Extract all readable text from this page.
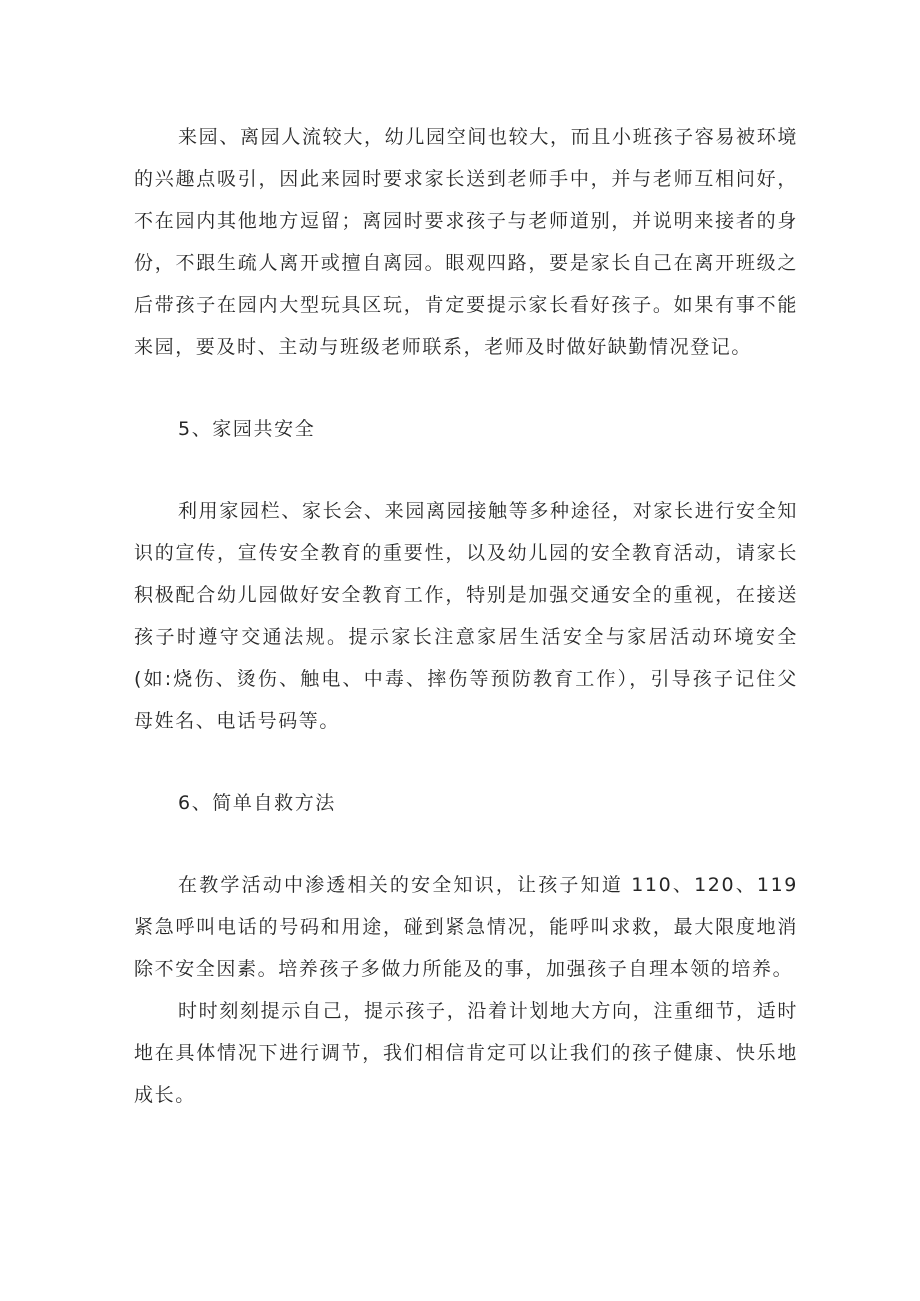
来园、离园人流较大，幼儿园空间也较大，而且小班孩子容易被环境的兴趣点吸引，因此来园时要求家长送到老师手中，并与老师互相问好，不在园内其他地方逗留；离园时要求孩子与老师道别，并说明来接者的身份，不跟生疏人离开或擅自离园。眼观四路，要是家长自己在离开班级之后带孩子在园内大型玩具区玩，肯定要提示家长看好孩子。如果有事不能来园，要及时、主动与班级老师联系，老师及时做好缺勤情况登记。

5、家园共安全

利用家园栏、家长会、来园离园接触等多种途径，对家长进行安全知识的宣传，宣传安全教育的重要性，以及幼儿园的安全教育活动，请家长积极配合幼儿园做好安全教育工作，特别是加强交通安全的重视，在接送孩子时遵守交通法规。提示家长注意家居生活安全与家居活动环境安全(如:烧伤、烫伤、触电、中毒、摔伤等预防教育工作），引导孩子记住父母姓名、电话号码等。

6、简单自救方法

在教学活动中渗透相关的安全知识，让孩子知道 110、120、119 紧急呼叫电话的号码和用途，碰到紧急情况，能呼叫求救，最大限度地消除不安全因素。培养孩子多做力所能及的事，加强孩子自理本领的培养。

时时刻刻提示自己，提示孩子，沿着计划地大方向，注重细节，适时地在具体情况下进行调节，我们相信肯定可以让我们的孩子健康、快乐地成长。
